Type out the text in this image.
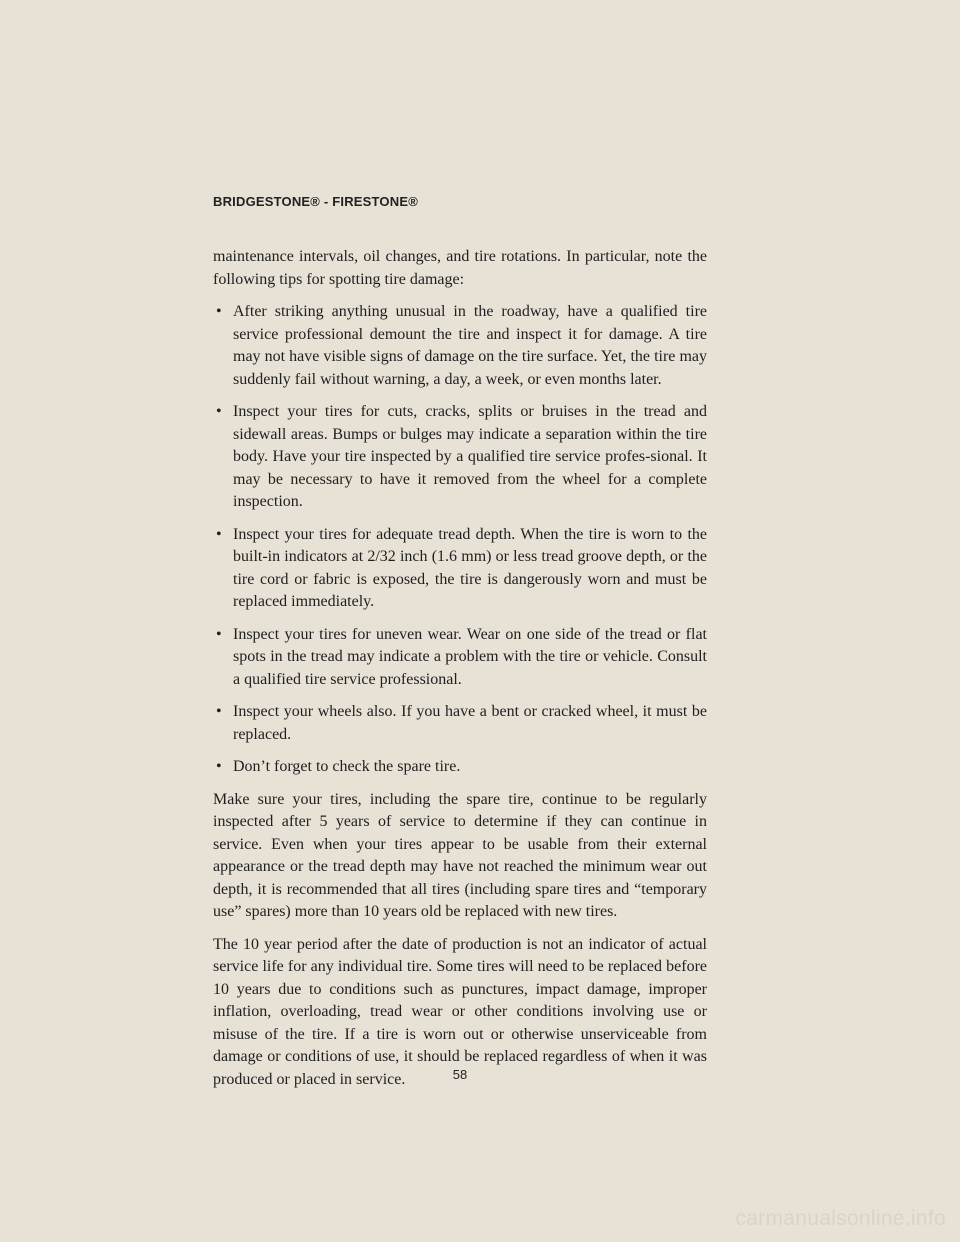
BRIDGESTONE® - FIRESTONE®

maintenance intervals, oil changes, and tire rotations. In particular, note the following tips for spotting tire damage:

• After striking anything unusual in the roadway, have a qualified tire service professional demount the tire and inspect it for damage. A tire may not have visible signs of damage on the tire surface. Yet, the tire may suddenly fail without warning, a day, a week, or even months later.
• Inspect your tires for cuts, cracks, splits or bruises in the tread and sidewall areas. Bumps or bulges may indicate a separation within the tire body. Have your tire inspected by a qualified tire service profes-sional. It may be necessary to have it removed from the wheel for a complete inspection.
• Inspect your tires for adequate tread depth. When the tire is worn to the built-in indicators at 2/32 inch (1.6 mm) or less tread groove depth, or the tire cord or fabric is exposed, the tire is dangerously worn and must be replaced immediately.
• Inspect your tires for uneven wear. Wear on one side of the tread or flat spots in the tread may indicate a problem with the tire or vehicle. Consult a qualified tire service professional.
• Inspect your wheels also. If you have a bent or cracked wheel, it must be replaced.
• Don’t forget to check the spare tire.

Make sure your tires, including the spare tire, continue to be regularly inspected after 5 years of service to determine if they can continue in service. Even when your tires appear to be usable from their external appearance or the tread depth may have not reached the minimum wear out depth, it is recommended that all tires (including spare tires and “temporary use” spares) more than 10 years old be replaced with new tires.

The 10 year period after the date of production is not an indicator of actual service life for any individual tire. Some tires will need to be replaced before 10 years due to conditions such as punctures, impact damage, improper inflation, overloading, tread wear or other conditions involving use or misuse of the tire. If a tire is worn out or otherwise unserviceable from damage or conditions of use, it should be replaced regardless of when it was produced or placed in service.	58
carmanualsonline.info
